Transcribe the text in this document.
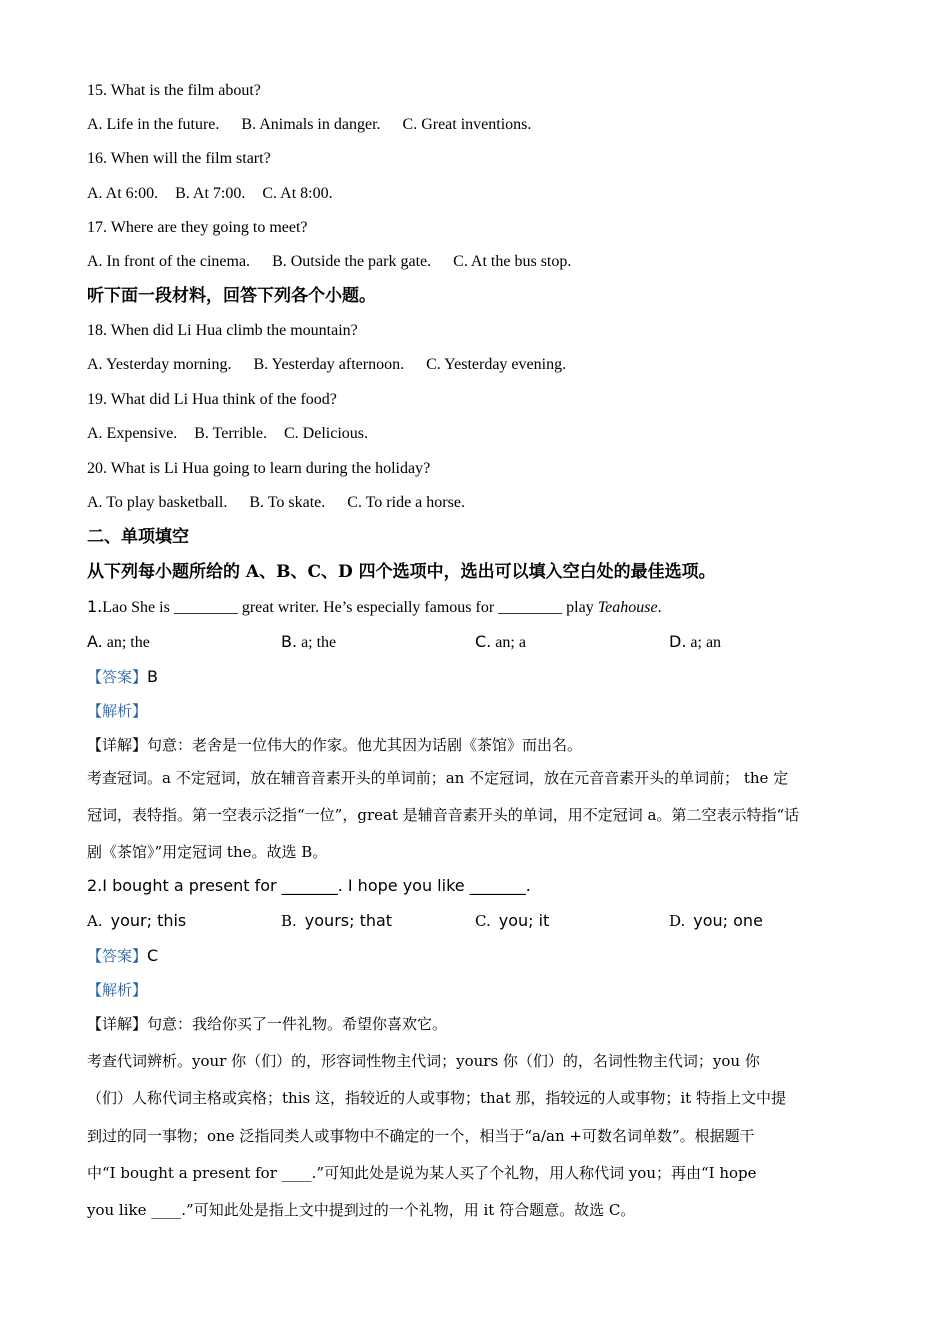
15. What is the film about?
A. Life in the future. B. Animals in danger. C. Great inventions.
16. When will the film start?
A. At 6:00. B. At 7:00. C. At 8:00.
17. Where are they going to meet?
A. In front of the cinema. B. Outside the park gate. C. At the bus stop.
听下面一段材料，回答下列各个小题。
18. When did Li Hua climb the mountain?
A. Yesterday morning. B. Yesterday afternoon. C. Yesterday evening.
19. What did Li Hua think of the food?
A. Expensive. B. Terrible. C. Delicious.
20. What is Li Hua going to learn during the holiday?
A. To play basketball. B. To skate. C. To ride a horse.
二、单项填空
从下列每小题所给的 A、B、C、D 四个选项中，选出可以填入空白处的最佳选项。
1.Lao She is ________ great writer. He’s especially famous for ________ play Teahouse.
A. an; the	B. a; the	C. an; a	D. a; an
【答案】B
【解析】
【详解】句意：老舍是一位伟大的作家。他尤其因为话剧《茶馆》而出名。
考查冠词。a 不定冠词，放在辅音音素开头的单词前；an 不定冠词，放在元音音素开头的单词前； the 定
冠词，表特指。第一空表示泛指“一位”，great 是辅音音素开头的单词，用不定冠词 a。第二空表示特指“话
剧《茶馆》”用定冠词 the。故选 B。
2.I bought a present for _______. I hope you like _______.
A. your; this	B. yours; that	C. you; it	D. you; one
【答案】C
【解析】
【详解】句意：我给你买了一件礼物。希望你喜欢它。
考查代词辨析。your 你（们）的，形容词性物主代词；yours 你（们）的，名词性物主代词；you 你
（们）人称代词主格或宾格；this 这，指较近的人或事物；that 那，指较远的人或事物；it 特指上文中提
到过的同一事物；one 泛指同类人或事物中不确定的一个，相当于“a/an +可数名词单数”。根据题干
中“I bought a present for ____.”可知此处是说为某人买了个礼物，用人称代词 you；再由“I hope
you like ____.”可知此处是指上文中提到过的一个礼物，用 it 符合题意。故选 C。
